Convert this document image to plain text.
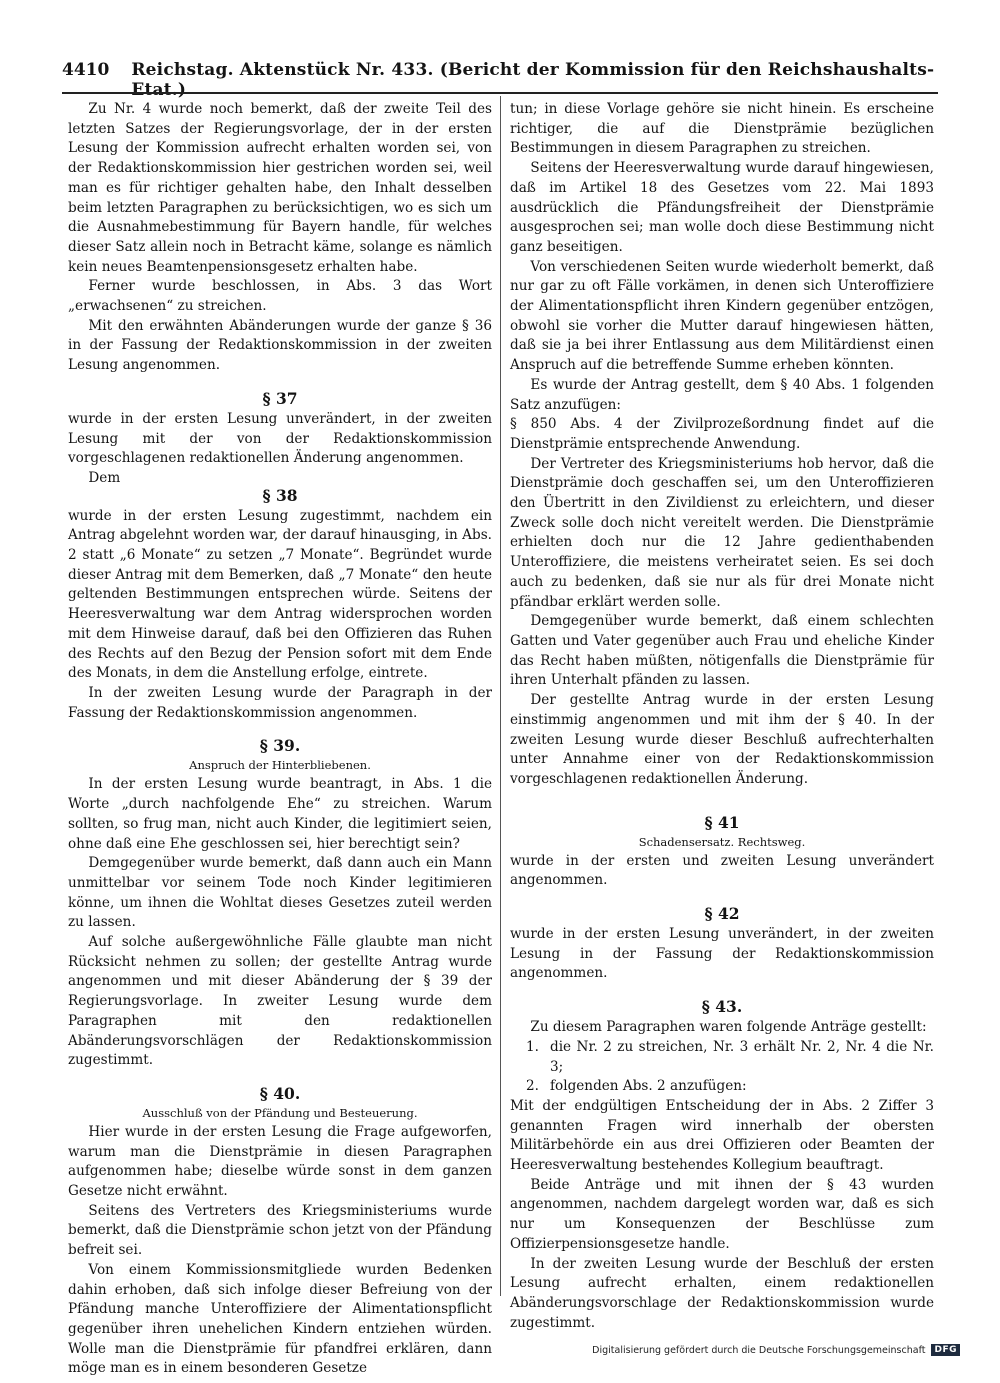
4410 Reichstag. Aktenstück Nr. 433. (Bericht der Kommission für den Reichshaushalts-Etat.)

Zu Nr. 4 wurde noch bemerkt, daß der zweite Teil des letzten Satzes der Regierungsvorlage, der in der ersten Lesung der Kommission aufrecht erhalten worden sei, von der Redaktionskommission hier gestrichen worden sei, weil man es für richtiger gehalten habe, den Inhalt desselben beim letzten Paragraphen zu berücksichtigen, wo es sich um die Ausnahmebestimmung für Bayern handle, für welches dieser Satz allein noch in Betracht käme, solange es nämlich kein neues Beamtenpensionsgesetz erhalten habe.

Ferner wurde beschlossen, in Abs. 3 das Wort „erwachsenen“ zu streichen.

Mit den erwähnten Abänderungen wurde der ganze § 36 in der Fassung der Redaktionskommission in der zweiten Lesung angenommen.

§ 37

wurde in der ersten Lesung unverändert, in der zweiten Lesung mit der von der Redaktionskommission vorgeschlagenen redaktionellen Änderung angenommen.

Dem

§ 38

wurde in der ersten Lesung zugestimmt, nachdem ein Antrag abgelehnt worden war, der darauf hinausging, in Abs. 2 statt „6 Monate“ zu setzen „7 Monate“. Begründet wurde dieser Antrag mit dem Bemerken, daß „7 Monate“ den heute geltenden Bestimmungen entsprechen würde. Seitens der Heeresverwaltung war dem Antrag widersprochen worden mit dem Hinweise darauf, daß bei den Offizieren das Ruhen des Rechts auf den Bezug der Pension sofort mit dem Ende des Monats, in dem die Anstellung erfolge, eintrete.

In der zweiten Lesung wurde der Paragraph in der Fassung der Redaktionskommission angenommen.

§ 39.
Anspruch der Hinterbliebenen.

In der ersten Lesung wurde beantragt, in Abs. 1 die Worte „durch nachfolgende Ehe“ zu streichen. Warum sollten, so frug man, nicht auch Kinder, die legitimiert seien, ohne daß eine Ehe geschlossen sei, hier berechtigt sein?

Demgegenüber wurde bemerkt, daß dann auch ein Mann unmittelbar vor seinem Tode noch Kinder legitimieren könne, um ihnen die Wohltat dieses Gesetzes zuteil werden zu lassen.

Auf solche außergewöhnliche Fälle glaubte man nicht Rücksicht nehmen zu sollen; der gestellte Antrag wurde angenommen und mit dieser Abänderung der § 39 der Regierungsvorlage. In zweiter Lesung wurde dem Paragraphen mit den redaktionellen Abänderungsvorschlägen der Redaktionskommission zugestimmt.

§ 40.
Ausschluß von der Pfändung und Besteuerung.

Hier wurde in der ersten Lesung die Frage aufgeworfen, warum man die Dienstprämie in diesen Paragraphen aufgenommen habe; dieselbe würde sonst in dem ganzen Gesetze nicht erwähnt.

Seitens des Vertreters des Kriegsministeriums wurde bemerkt, daß die Dienstprämie schon jetzt von der Pfändung befreit sei.

Von einem Kommissionsmitgliede wurden Bedenken dahin erhoben, daß sich infolge dieser Befreiung von der Pfändung manche Unteroffiziere der Alimentationspflicht gegenüber ihren unehelichen Kindern entziehen würden. Wolle man die Dienstprämie für pfandfrei erklären, dann möge man es in einem besonderen Gesetze

tun; in diese Vorlage gehöre sie nicht hinein. Es erscheine richtiger, die auf die Dienstprämie bezüglichen Bestimmungen in diesem Paragraphen zu streichen.

Seitens der Heeresverwaltung wurde darauf hingewiesen, daß im Artikel 18 des Gesetzes vom 22. Mai 1893 ausdrücklich die Pfändungsfreiheit der Dienstprämie ausgesprochen sei; man wolle doch diese Bestimmung nicht ganz beseitigen.

Von verschiedenen Seiten wurde wiederholt bemerkt, daß nur gar zu oft Fälle vorkämen, in denen sich Unteroffiziere der Alimentationspflicht ihren Kindern gegenüber entzögen, obwohl sie vorher die Mutter darauf hingewiesen hätten, daß sie ja bei ihrer Entlassung aus dem Militärdienst einen Anspruch auf die betreffende Summe erheben könnten.

Es wurde der Antrag gestellt, dem § 40 Abs. 1 folgenden Satz anzufügen:

§ 850 Abs. 4 der Zivilprozeßordnung findet auf die Dienstprämie entsprechende Anwendung.

Der Vertreter des Kriegsministeriums hob hervor, daß die Dienstprämie doch geschaffen sei, um den Unteroffizieren den Übertritt in den Zivildienst zu erleichtern, und dieser Zweck solle doch nicht vereitelt werden. Die Dienstprämie erhielten doch nur die 12 Jahre gedienthabenden Unteroffiziere, die meistens verheiratet seien. Es sei doch auch zu bedenken, daß sie nur als für drei Monate nicht pfändbar erklärt werden solle.

Demgegenüber wurde bemerkt, daß einem schlechten Gatten und Vater gegenüber auch Frau und eheliche Kinder das Recht haben müßten, nötigenfalls die Dienstprämie für ihren Unterhalt pfänden zu lassen.

Der gestellte Antrag wurde in der ersten Lesung einstimmig angenommen und mit ihm der § 40. In der zweiten Lesung wurde dieser Beschluß aufrechterhalten unter Annahme einer von der Redaktionskommission vorgeschlagenen redaktionellen Änderung.

§ 41
Schadensersatz. Rechtsweg.

wurde in der ersten und zweiten Lesung unverändert angenommen.

§ 42

wurde in der ersten Lesung unverändert, in der zweiten Lesung in der Fassung der Redaktionskommission angenommen.

§ 43.

Zu diesem Paragraphen waren folgende Anträge gestellt:

1. die Nr. 2 zu streichen, Nr. 3 erhält Nr. 2, Nr. 4 die Nr. 3;
2. folgenden Abs. 2 anzufügen:

Mit der endgültigen Entscheidung der in Abs. 2 Ziffer 3 genannten Fragen wird innerhalb der obersten Militärbehörde ein aus drei Offizieren oder Beamten der Heeresverwaltung bestehendes Kollegium beauftragt.

Beide Anträge und mit ihnen der § 43 wurden angenommen, nachdem dargelegt worden war, daß es sich nur um Konsequenzen der Beschlüsse zum Offizierpensionsgesetze handle.

In der zweiten Lesung wurde der Beschluß der ersten Lesung aufrecht erhalten, einem redaktionellen Abänderungsvorschlage der Redaktionskommission wurde zugestimmt.

Digitalisierung gefördert durch die Deutsche Forschungsgemeinschaft	DFG
